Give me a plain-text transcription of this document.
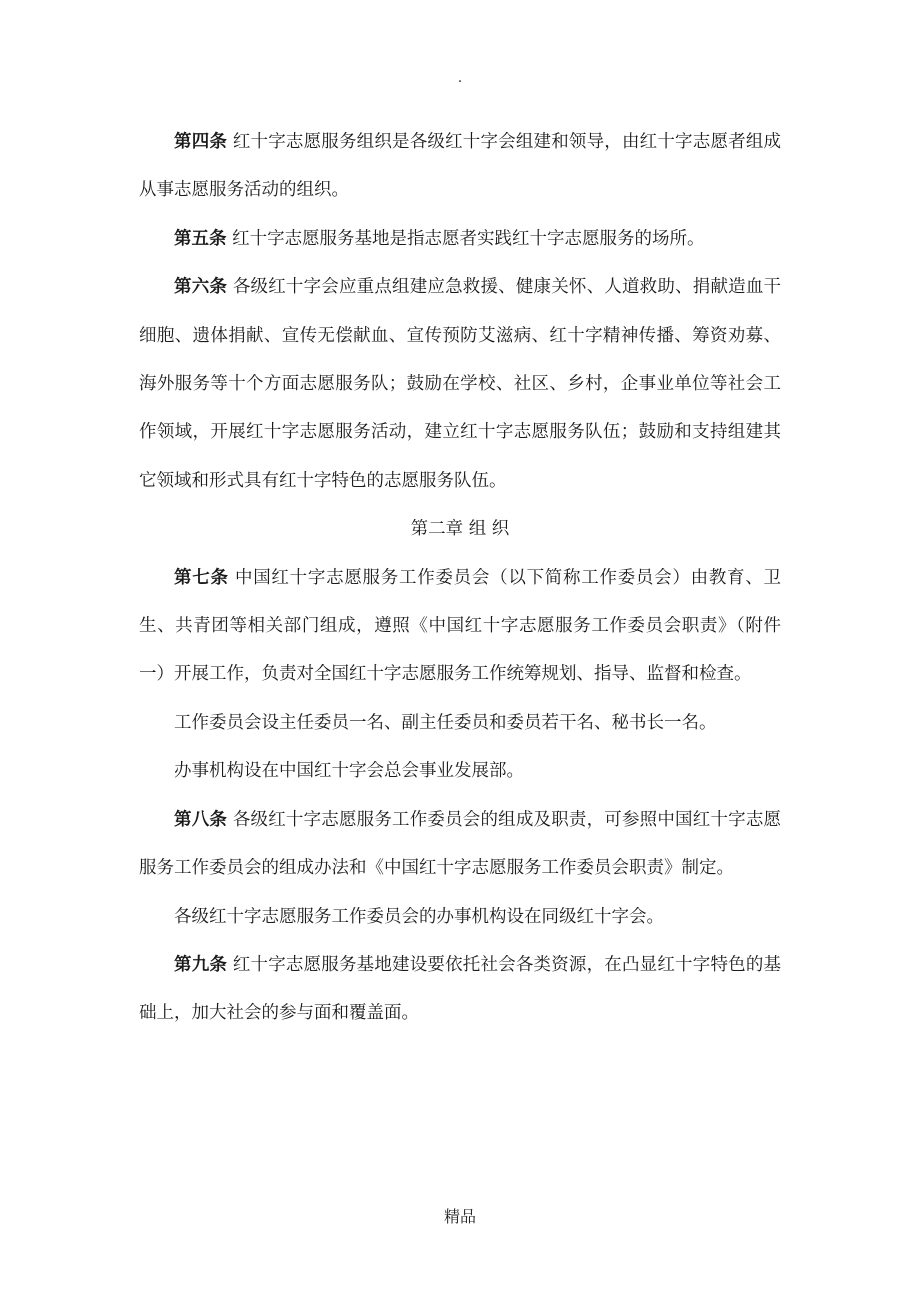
.

第四条 红十字志愿服务组织是各级红十字会组建和领导，由红十字志愿者组成从事志愿服务活动的组织。

第五条 红十字志愿服务基地是指志愿者实践红十字志愿服务的场所。

第六条 各级红十字会应重点组建应急救援、健康关怀、人道救助、捐献造血干细胞、遗体捐献、宣传无偿献血、宣传预防艾滋病、红十字精神传播、筹资劝募、海外服务等十个方面志愿服务队；鼓励在学校、社区、乡村，企事业单位等社会工作领域，开展红十字志愿服务活动，建立红十字志愿服务队伍；鼓励和支持组建其它领域和形式具有红十字特色的志愿服务队伍。

第二章 组 织

第七条 中国红十字志愿服务工作委员会（以下简称工作委员会）由教育、卫生、共青团等相关部门组成，遵照《中国红十字志愿服务工作委员会职责》（附件一）开展工作，负责对全国红十字志愿服务工作统筹规划、指导、监督和检查。

工作委员会设主任委员一名、副主任委员和委员若干名、秘书长一名。

办事机构设在中国红十字会总会事业发展部。

第八条 各级红十字志愿服务工作委员会的组成及职责，可参照中国红十字志愿服务工作委员会的组成办法和《中国红十字志愿服务工作委员会职责》制定。

各级红十字志愿服务工作委员会的办事机构设在同级红十字会。

第九条 红十字志愿服务基地建设要依托社会各类资源，在凸显红十字特色的基础上，加大社会的参与面和覆盖面。

精品
